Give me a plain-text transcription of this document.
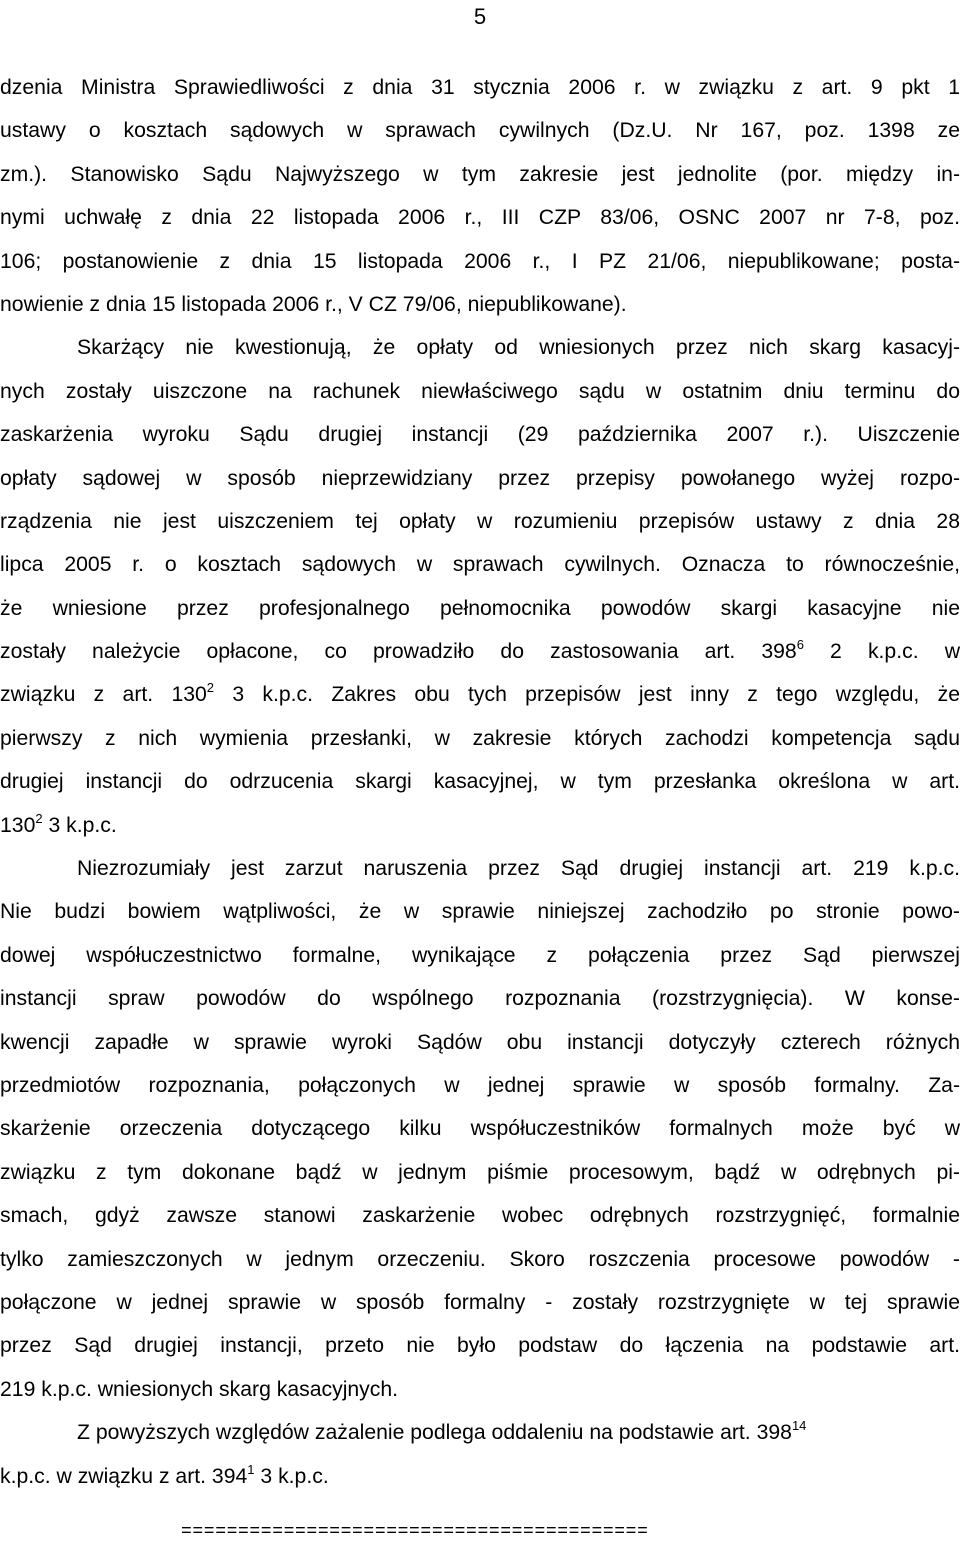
5
dzenia Ministra Sprawiedliwości z dnia 31 stycznia 2006 r. w związku z art. 9 pkt 1
ustawy o kosztach sądowych w sprawach cywilnych (Dz.U. Nr 167, poz. 1398 ze
zm.). Stanowisko Sądu Najwyższego w tym zakresie jest jednolite (por. między in-
nymi uchwałę z dnia 22 listopada 2006 r., III CZP 83/06, OSNC 2007 nr 7-8, poz.
106; postanowienie z dnia 15 listopada 2006 r., I PZ 21/06, niepublikowane; posta-
nowienie z dnia 15 listopada 2006 r., V CZ 79/06, niepublikowane).
Skarżący nie kwestionują, że opłaty od wniesionych przez nich skarg kasacyj-
nych zostały uiszczone na rachunek niewłaściwego sądu w ostatnim dniu terminu do
zaskarżenia wyroku Sądu drugiej instancji (29 października 2007 r.). Uiszczenie
opłaty sądowej w sposób nieprzewidziany przez przepisy powołanego wyżej rozpo-
rządzenia nie jest uiszczeniem tej opłaty w rozumieniu przepisów ustawy z dnia 28
lipca 2005 r. o kosztach sądowych w sprawach cywilnych. Oznacza to równocześnie,
że wniesione przez profesjonalnego pełnomocnika powodów skargi kasacyjne nie
zostały należycie opłacone, co prowadziło do zastosowania art. $398^6$ 2 k.p.c. w
związku z art. $130^2$ 3 k.p.c. Zakres obu tych przepisów jest inny z tego względu, że
pierwszy z nich wymienia przesłanki, w zakresie których zachodzi kompetencja sądu
drugiej instancji do odrzucenia skargi kasacyjnej, w tym przesłanka określona w art.
$130^2$ 3 k.p.c.
Niezrozumiały jest zarzut naruszenia przez Sąd drugiej instancji art. 219 k.p.c.
Nie budzi bowiem wątpliwości, że w sprawie niniejszej zachodziło po stronie powo-
dowej współuczestnictwo formalne, wynikające z połączenia przez Sąd pierwszej
instancji spraw powodów do wspólnego rozpoznania (rozstrzygnięcia). W konse-
kwencji zapadłe w sprawie wyroki Sądów obu instancji dotyczyły czterech różnych
przedmiotów rozpoznania, połączonych w jednej sprawie w sposób formalny. Za-
skarżenie orzeczenia dotyczącego kilku współuczestników formalnych może być w
związku z tym dokonane bądź w jednym piśmie procesowym, bądź w odrębnych pi-
smach, gdyż zawsze stanowi zaskarżenie wobec odrębnych rozstrzygnięć, formalnie
tylko zamieszczonych w jednym orzeczeniu. Skoro roszczenia procesowe powodów -
połączone w jednej sprawie w sposób formalny - zostały rozstrzygnięte w tej sprawie
przez Sąd drugiej instancji, przeto nie było podstaw do łączenia na podstawie art.
219 k.p.c. wniesionych skarg kasacyjnych.
Z powyższych względów zażalenie podlega oddaleniu na podstawie art. $398^{14}$
k.p.c. w związku z art. $394^1$ 3 k.p.c.
=========================================
